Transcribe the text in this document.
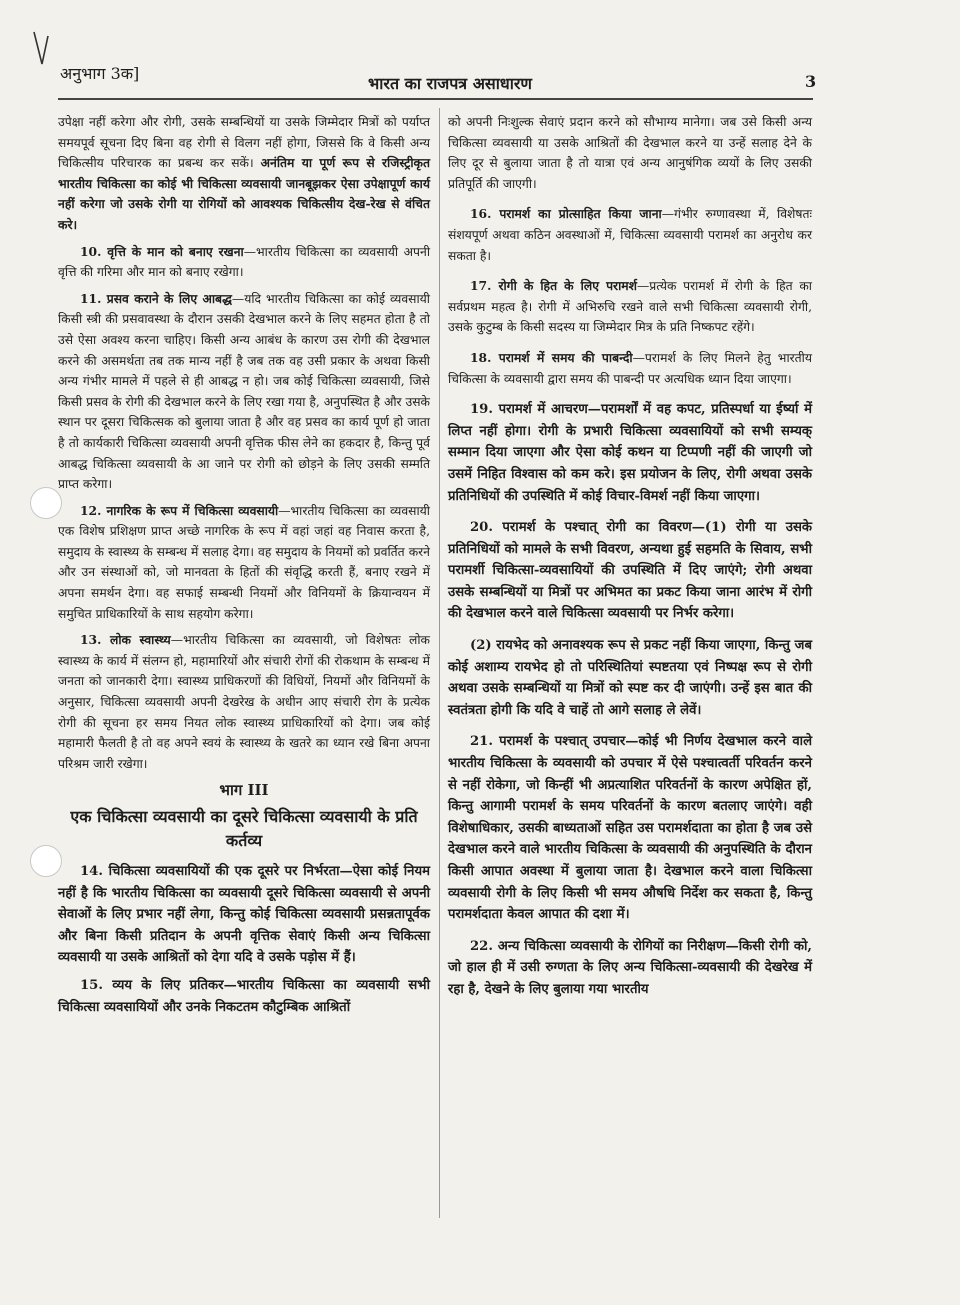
अनुभाग 3क]
भारत का राजपत्र असाधारण	3

उपेक्षा नहीं करेगा और रोगी, उसके सम्बन्धियों या उसके जिम्मेदार मित्रों को पर्याप्त समयपूर्व सूचना दिए बिना वह रोगी से विलग नहीं होगा, जिससे कि वे किसी अन्य चिकित्सीय परिचारक का प्रबन्ध कर सकें। अनंतिम या पूर्ण रूप से रजिस्ट्रीकृत भारतीय चिकित्सा का कोई भी चिकित्सा व्यवसायी जानबूझकर ऐसा उपेक्षापूर्ण कार्य नहीं करेगा जो उसके रोगी या रोगियों को आवश्यक चिकित्सीय देख-रेख से वंचित करे।

10. वृत्ति के मान को बनाए रखना—भारतीय चिकित्सा का व्यवसायी अपनी वृत्ति की गरिमा और मान को बनाए रखेगा।

11. प्रसव कराने के लिए आबद्ध—यदि भारतीय चिकित्सा का कोई व्यवसायी किसी स्त्री की प्रसवावस्था के दौरान उसकी देखभाल करने के लिए सहमत होता है तो उसे ऐसा अवश्य करना चाहिए। किसी अन्य आबंध के कारण उस रोगी की देखभाल करने की असमर्थता तब तक मान्य नहीं है जब तक वह उसी प्रकार के अथवा किसी अन्य गंभीर मामले में पहले से ही आबद्ध न हो। जब कोई चिकित्सा व्यवसायी, जिसे किसी प्रसव के रोगी की देखभाल करने के लिए रखा गया है, अनुपस्थित है और उसके स्थान पर दूसरा चिकित्सक को बुलाया जाता है और वह प्रसव का कार्य पूर्ण हो जाता है तो कार्यकारी चिकित्सा व्यवसायी अपनी वृत्तिक फीस लेने का हकदार है, किन्तु पूर्व आबद्ध चिकित्सा व्यवसायी के आ जाने पर रोगी को छोड़ने के लिए उसकी सम्मति प्राप्त करेगा।

12. नागरिक के रूप में चिकित्सा व्यवसायी—भारतीय चिकित्सा का व्यवसायी एक विशेष प्रशिक्षण प्राप्त अच्छे नागरिक के रूप में वहां जहां वह निवास करता है, समुदाय के स्वास्थ्य के सम्बन्ध में सलाह देगा। वह समुदाय के नियमों को प्रवर्तित करने और उन संस्थाओं को, जो मानवता के हितों की संवृद्धि करती हैं, बनाए रखने में अपना समर्थन देगा। वह सफाई सम्बन्धी नियमों और विनियमों के क्रियान्वयन में समुचित प्राधिकारियों के साथ सहयोग करेगा।

13. लोक स्वास्थ्य—भारतीय चिकित्सा का व्यवसायी, जो विशेषतः लोक स्वास्थ्य के कार्य में संलग्न हो, महामारियों और संचारी रोगों की रोकथाम के सम्बन्ध में जनता को जानकारी देगा। स्वास्थ्य प्राधिकरणों की विधियों, नियमों और विनियमों के अनुसार, चिकित्सा व्यवसायी अपनी देखरेख के अधीन आए संचारी रोग के प्रत्येक रोगी की सूचना हर समय नियत लोक स्वास्थ्य प्राधिकारियों को देगा। जब कोई महामारी फैलती है तो वह अपने स्वयं के स्वास्थ्य के खतरे का ध्यान रखे बिना अपना परिश्रम जारी रखेगा।

भाग III
एक चिकित्सा व्यवसायी का दूसरे चिकित्सा व्यवसायी के प्रति कर्तव्य

14. चिकित्सा व्यवसायियों की एक दूसरे पर निर्भरता—ऐसा कोई नियम नहीं है कि भारतीय चिकित्सा का व्यवसायी दूसरे चिकित्सा व्यवसायी से अपनी सेवाओं के लिए प्रभार नहीं लेगा, किन्तु कोई चिकित्सा व्यवसायी प्रसन्नतापूर्वक और बिना किसी प्रतिदान के अपनी वृत्तिक सेवाएं किसी अन्य चिकित्सा व्यवसायी या उसके आश्रितों को देगा यदि वे उसके पड़ोस में हैं।

15. व्यय के लिए प्रतिकर—भारतीय चिकित्सा का व्यवसायी सभी चिकित्सा व्यवसायियों और उनके निकटतम कौटुम्बिक आश्रितों

को अपनी निःशुल्क सेवाएं प्रदान करने को सौभाग्य मानेगा। जब उसे किसी अन्य चिकित्सा व्यवसायी या उसके आश्रितों की देखभाल करने या उन्हें सलाह देने के लिए दूर से बुलाया जाता है तो यात्रा एवं अन्य आनुषंगिक व्ययों के लिए उसकी प्रतिपूर्ति की जाएगी।

16. परामर्श का प्रोत्साहित किया जाना—गंभीर रुग्णावस्था में, विशेषतः संशयपूर्ण अथवा कठिन अवस्थाओं में, चिकित्सा व्यवसायी परामर्श का अनुरोध कर सकता है।

17. रोगी के हित के लिए परामर्श—प्रत्येक परामर्श में रोगी के हित का सर्वप्रथम महत्व है। रोगी में अभिरुचि रखने वाले सभी चिकित्सा व्यवसायी रोगी, उसके कुटुम्ब के किसी सदस्य या जिम्मेदार मित्र के प्रति निष्कपट रहेंगे।

18. परामर्श में समय की पाबन्दी—परामर्श के लिए मिलने हेतु भारतीय चिकित्सा के व्यवसायी द्वारा समय की पाबन्दी पर अत्यधिक ध्यान दिया जाएगा।

19. परामर्श में आचरण—परामर्शों में वह कपट, प्रतिस्पर्धा या ईर्ष्या में लिप्त नहीं होगा। रोगी के प्रभारी चिकित्सा व्यवसायियों को सभी सम्यक् सम्मान दिया जाएगा और ऐसा कोई कथन या टिप्पणी नहीं की जाएगी जो उसमें निहित विश्वास को कम करे। इस प्रयोजन के लिए, रोगी अथवा उसके प्रतिनिधियों की उपस्थिति में कोई विचार-विमर्श नहीं किया जाएगा।

20. परामर्श के पश्चात् रोगी का विवरण—(1) रोगी या उसके प्रतिनिधियों को मामले के सभी विवरण, अन्यथा हुई सहमति के सिवाय, सभी परामर्शी चिकित्सा-व्यवसायियों की उपस्थिति में दिए जाएंगे; रोगी अथवा उसके सम्बन्धियों या मित्रों पर अभिमत का प्रकट किया जाना आरंभ में रोगी की देखभाल करने वाले चिकित्सा व्यवसायी पर निर्भर करेगा।

(2) रायभेद को अनावश्यक रूप से प्रकट नहीं किया जाएगा, किन्तु जब कोई अशाम्य रायभेद हो तो परिस्थितियां स्पष्टतया एवं निष्पक्ष रूप से रोगी अथवा उसके सम्बन्धियों या मित्रों को स्पष्ट कर दी जाएंगी। उन्हें इस बात की स्वतंत्रता होगी कि यदि वे चाहें तो आगे सलाह ले लेवें।

21. परामर्श के पश्चात् उपचार—कोई भी निर्णय देखभाल करने वाले भारतीय चिकित्सा के व्यवसायी को उपचार में ऐसे पश्चात्वर्ती परिवर्तन करने से नहीं रोकेगा, जो किन्हीं भी अप्रत्याशित परिवर्तनों के कारण अपेक्षित हों, किन्तु आगामी परामर्श के समय परिवर्तनों के कारण बतलाए जाएंगे। वही विशेषाधिकार, उसकी बाध्यताओं सहित उस परामर्शदाता का होता है जब उसे देखभाल करने वाले भारतीय चिकित्सा के व्यवसायी की अनुपस्थिति के दौरान किसी आपात अवस्था में बुलाया जाता है। देखभाल करने वाला चिकित्सा व्यवसायी रोगी के लिए किसी भी समय औषधि निर्देश कर सकता है, किन्तु परामर्शदाता केवल आपात की दशा में।

22. अन्य चिकित्सा व्यवसायी के रोगियों का निरीक्षण—किसी रोगी को, जो हाल ही में उसी रुग्णता के लिए अन्य चिकित्सा-व्यवसायी की देखरेख में रहा है, देखने के लिए बुलाया गया भारतीय
